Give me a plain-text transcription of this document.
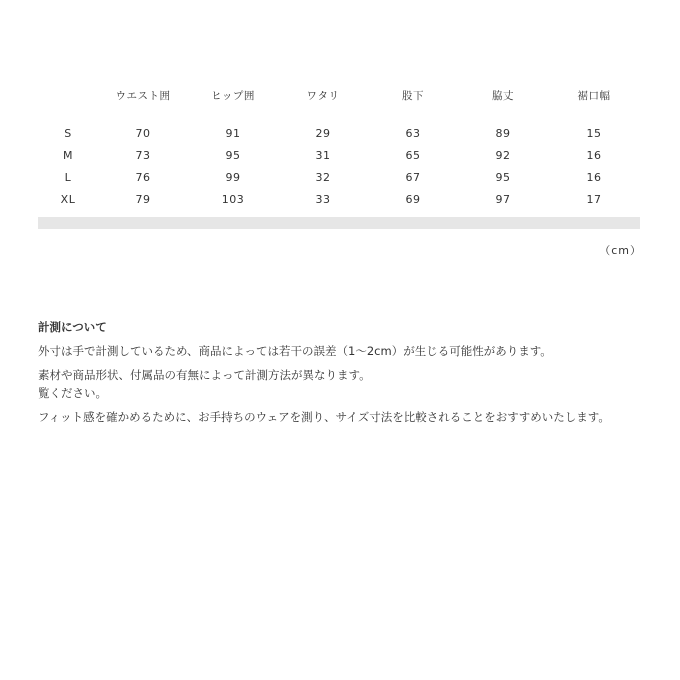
	ウエスト囲	ヒップ囲	ワタリ	股下	脇丈	裾口幅
S	70	91	29	63	89	15
M	73	95	31	65	92	16
L	76	99	32	67	95	16
XL	79	103	33	69	97	17
（cm）
計測について

外寸は手で計測しているため、商品によっては若干の誤差（1～2cm）が生じる可能性があります。

素材や商品形状、付属品の有無によって計測方法が異なります。

覧ください。

フィット感を確かめるために、お手持ちのウェアを測り、サイズ寸法を比較されることをおすすめいたします。
